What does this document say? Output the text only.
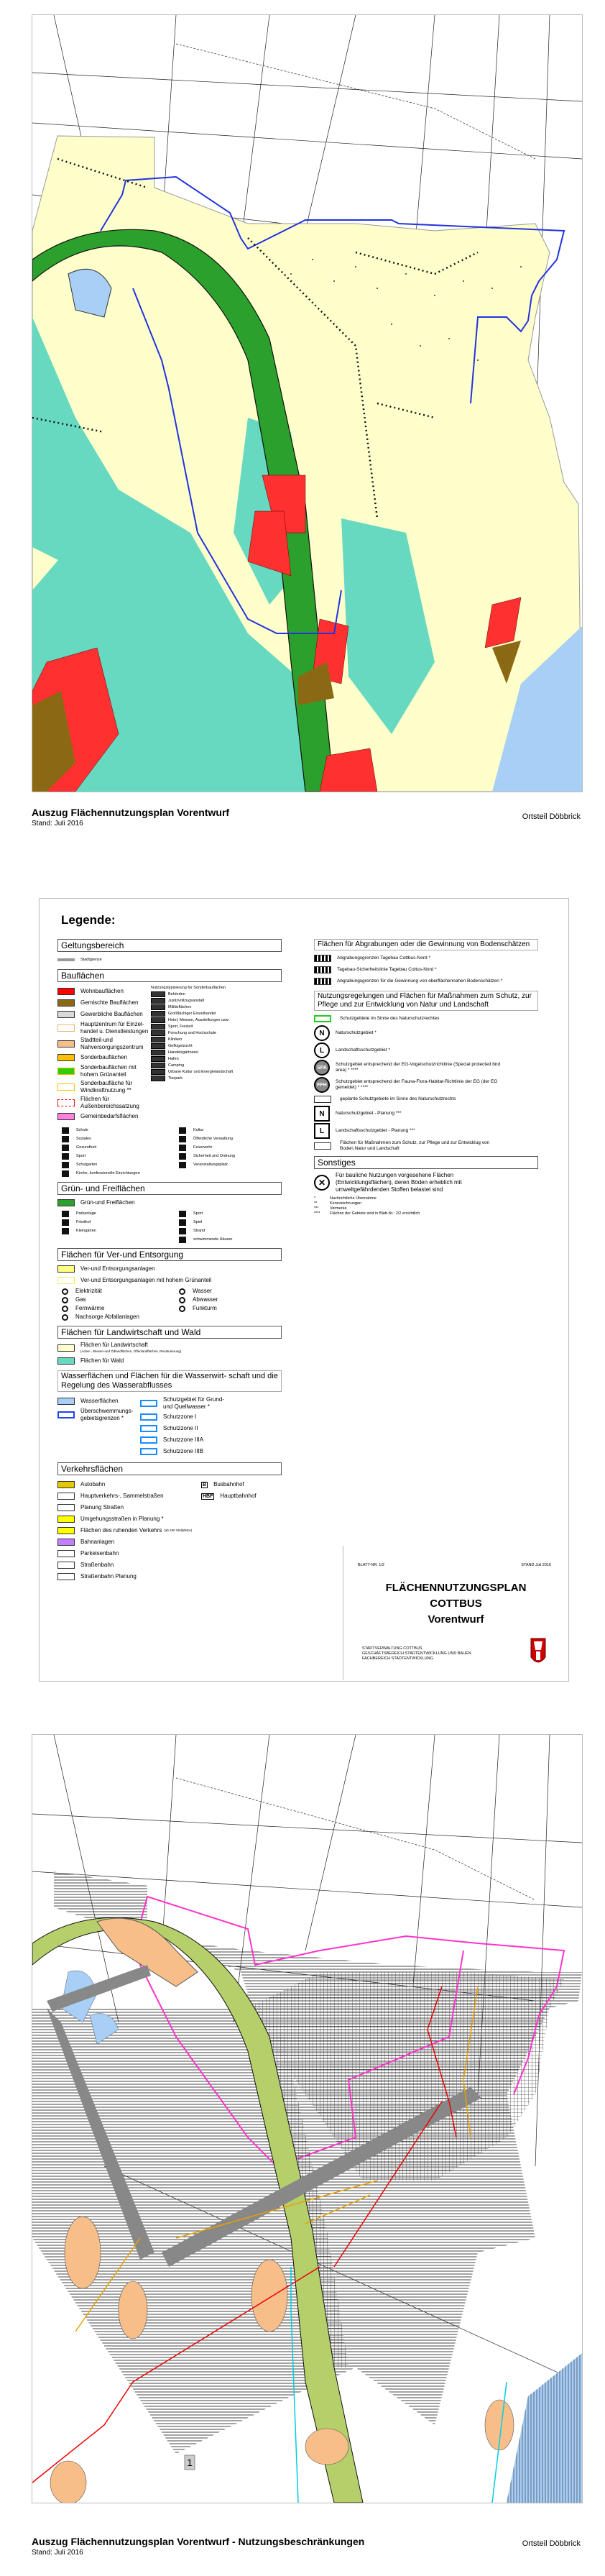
Auszug Flächennutzungsplan Vorentwurf
Stand: Juli 2016
Ortsteil Döbbrick
Legende:
Geltungsbereich
Stadtgrenze
Bauflächen
Wohnbauflächen
Gemischte Bauflächen
Gewerbliche Bauflächen
Hauptzentrum für Einzel- handel u. Dienstleistungen
Stadtteil-und Nahversorgungszentrum
Sonderbauflächen
Sonderbauflächen mit hohem Grünanteil
Sonderbaufläche für Windkraftnutzung **
Flächen für Außenbereichssatzung
Gemeinbedarfsflächen
Nutzungstypisierung für Sonderbauflächen
Behörden
Justizvollzugsanstalt
Militärflächen
Großflächiger Einzelhandel
Hotel, Messen, Ausstellungen usw.
Sport, Freizeit
Forschung und Hochschule
Kliniken
Geflügelzucht
Handelsgärtnerei
Hafen
Camping
Urbane Kultur und Energielandschaft
Tierpark
Schule	Kultur
Soziales	Öffentliche Verwaltung
Gesundheit	Feuerwehr
Sport	Sicherheit und Ordnung
Schulgarten	Veranstaltungsplatz
Kirche, konfessionelle Einrichtungen
Grün- und Freiflächen
Grün-und Freiflächen
Parkanlage	Sport
Friedhof	Spiel
Kleingärten	Strand
schwimmende Häuser
Flächen für Ver-und Entsorgung
Ver-und Entsorgungsanlagen
Ver-und Entsorgungsanlagen mit hohem Grünanteil
Elektrizität	Wasser
Gas	Abwasser
Fernwärme	Funkturm
Nachsorge Abfallanlagen
Flächen für Landwirtschaft und Wald
Flächen für Landwirtschaft
(Acker-, Wiesen-und Ödlandflächen, Offenlandflächen, Renaturierung)
Flächen für Wald
Wasserflächen und Flächen für die Wasserwirt- schaft und die Regelung des Wasserabflusses
Wasserflächen
Überschwemmungs- gebietsgrenzen *
Schutzgebiet für Grund- und Quellwasser *
Schutzzone I
Schutzzone II
Schutzzone IIIA
Schutzzone IIIB
Verkehrsflächen
Autobahn
Hauptverkehrs-, Sammelstraßen
Planung Straßen
Umgehungsstraßen in Planung *
Flächen des ruhenden Verkehrs (ab 100 Stellplätze)
Bahnanlagen
Parkeisenbahn
Straßenbahn
Straßenbahn Planung
B Busbahnhof
HBF Hauptbahnhof
Flächen für Abgrabungen oder die Gewinnung von Bodenschätzen
Abgrabungsgrenzen Tagebau Cottbus-Nord *
Tagebau-Sicherheitslinie Tagebau Cottus-Nord *
Abgrabungsgrenzen für die Gewinnung von oberflächennahen Bodenschätzen *
Nutzungsregelungen und Flächen für Maßnahmen zum Schutz, zur Pflege und zur Entwicklung von Natur und Landschaft
Schutzgebiete im Sinne des Naturschutzrechtes
N	Naturschutzgebiet *
L	Landschaftsschutzgebiet *
SPA
Schutzgebiet entsprechend der EG-Vogelschutzrichtlinie (Special protected bird area) * ****
FFH
Schutzgebiet entsprechend der Fauna-Flora-Habitat-Richtlinie der EG (der EG gemeldet) * ****
geplante Schutzgebiete im Sinne des Naturschutzrechts
N	Naturschutzgebiet - Planung ***
L	Landschaftsschutzgebiet - Planung ***
Flächen für Maßnahmen zum Schutz, zur Pflege und zur Entwicklug von Boden,Natur und Landschaft
Sonstiges
✕
Für bauliche Nutzungen vorgesehene Flächen (Entwicklungsflächen), deren Böden erheblich mit umweltgefährdenden Stoffen belastet sind
*	Nachrichtliche Übernahme
**	Kennzeichnungen
***	Vermerke
****	Flächen der Gebiete sind in Blatt-Nr.: 2/2 ersichtlich
BLATT-NR: 1/2	STAND Juli 2016
FLÄCHENNUTZUNGSPLAN
COTTBUS
Vorentwurf
STADTVERWALTUNG COTTBUS
GESCHÄFTSBEREICH STADTENTWICKLUNG UND BAUEN
FACHBEREICH STADTENTWICKLUNG
1
Auszug Flächennutzungsplan Vorentwurf - Nutzungsbeschränkungen
Stand: Juli 2016
Ortsteil Döbbrick
